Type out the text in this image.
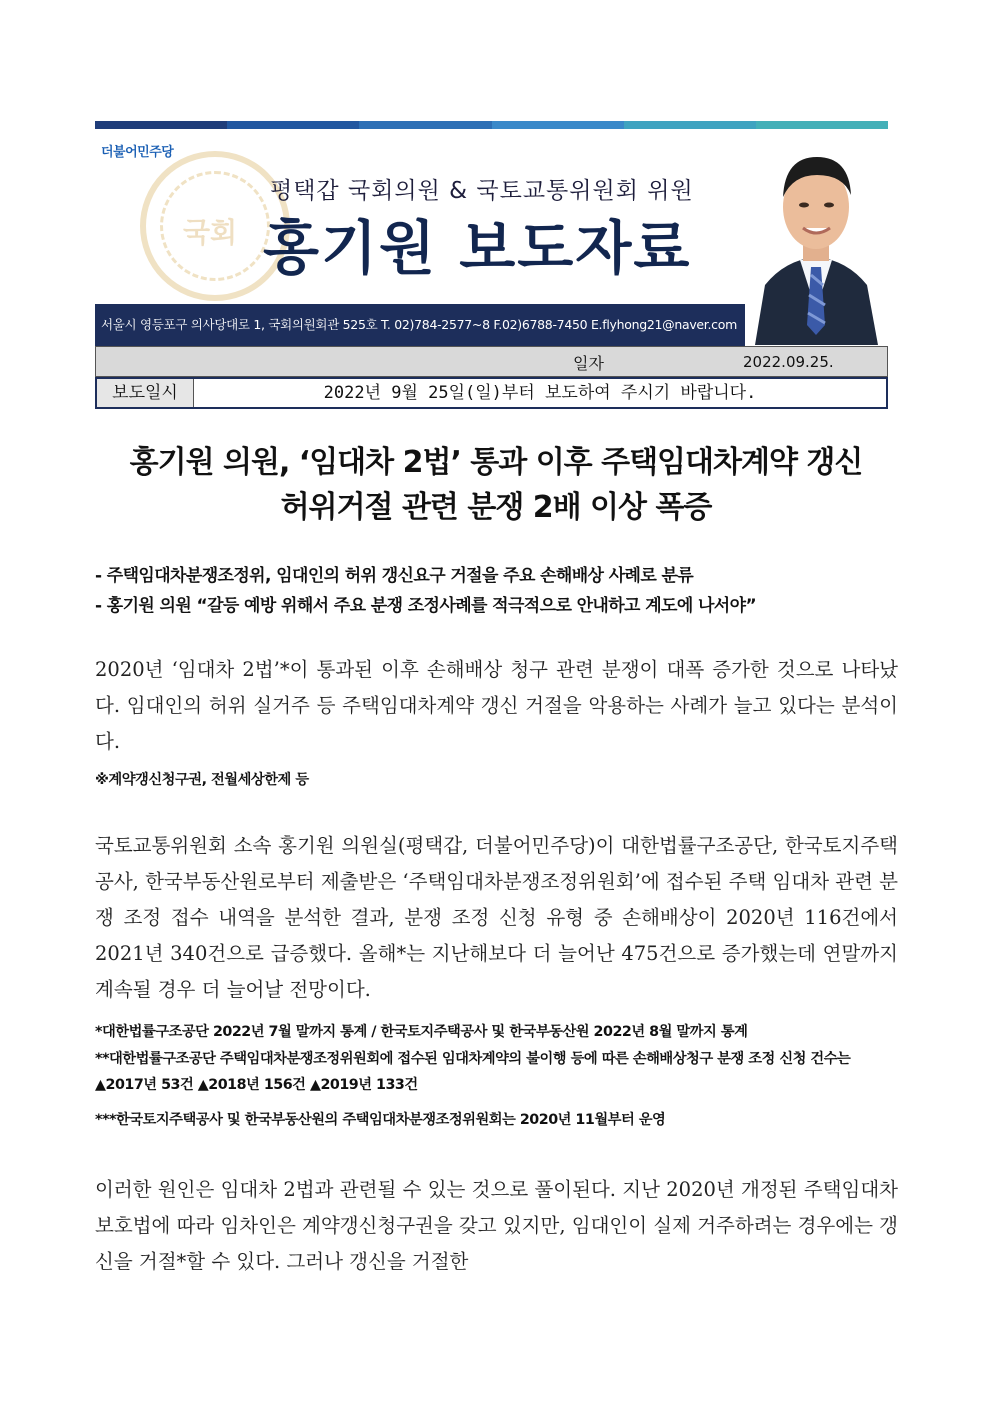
더불어민주당
국회
평택갑 국회의원 & 국토교통위원회 위원
홍기원 보도자료
서울시 영등포구 의사당대로 1, 국회의원회관 525호 T. 02)784-2577~8 F.02)6788-7450 E.flyhong21@naver.com
일자	2022.09.25.
보도일시	2022년 9월 25일(일)부터 보도하여 주시기 바랍니다.
홍기원 의원, ‘임대차 2법’ 통과 이후 주택임대차계약 갱신
허위거절 관련 분쟁 2배 이상 폭증
- 주택임대차분쟁조정위, 임대인의 허위 갱신요구 거절을 주요 손해배상 사례로 분류
- 홍기원 의원 “갈등 예방 위해서 주요 분쟁 조정사례를 적극적으로 안내하고 계도에 나서야”
2020년 ‘임대차 2법’*이 통과된 이후 손해배상 청구 관련 분쟁이 대폭 증가한 것으로 나타났다. 임대인의 허위 실거주 등 주택임대차계약 갱신 거절을 악용하는 사례가 늘고 있다는 분석이다.
※계약갱신청구권, 전월세상한제 등
국토교통위원회 소속 홍기원 의원실(평택갑, 더불어민주당)이 대한법률구조공단, 한국토지주택공사, 한국부동산원로부터 제출받은 ‘주택임대차분쟁조정위원회’에 접수된 주택 임대차 관련 분쟁 조정 접수 내역을 분석한 결과, 분쟁 조정 신청 유형 중 손해배상이 2020년 116건에서 2021년 340건으로 급증했다. 올해*는 지난해보다 더 늘어난 475건으로 증가했는데 연말까지 계속될 경우 더 늘어날 전망이다.
*대한법률구조공단 2022년 7월 말까지 통계 / 한국토지주택공사 및 한국부동산원 2022년 8월 말까지 통계
**대한법률구조공단 주택임대차분쟁조정위원회에 접수된 임대차계약의 불이행 등에 따른 손해배상청구 분쟁 조정 신청 건수는 ▲2017년 53건 ▲2018년 156건 ▲2019년 133건
***한국토지주택공사 및 한국부동산원의 주택임대차분쟁조정위원회는 2020년 11월부터 운영
이러한 원인은 임대차 2법과 관련될 수 있는 것으로 풀이된다. 지난 2020년 개정된 주택임대차보호법에 따라 임차인은 계약갱신청구권을 갖고 있지만, 임대인이 실제 거주하려는 경우에는 갱신을 거절*할 수 있다. 그러나 갱신을 거절한
